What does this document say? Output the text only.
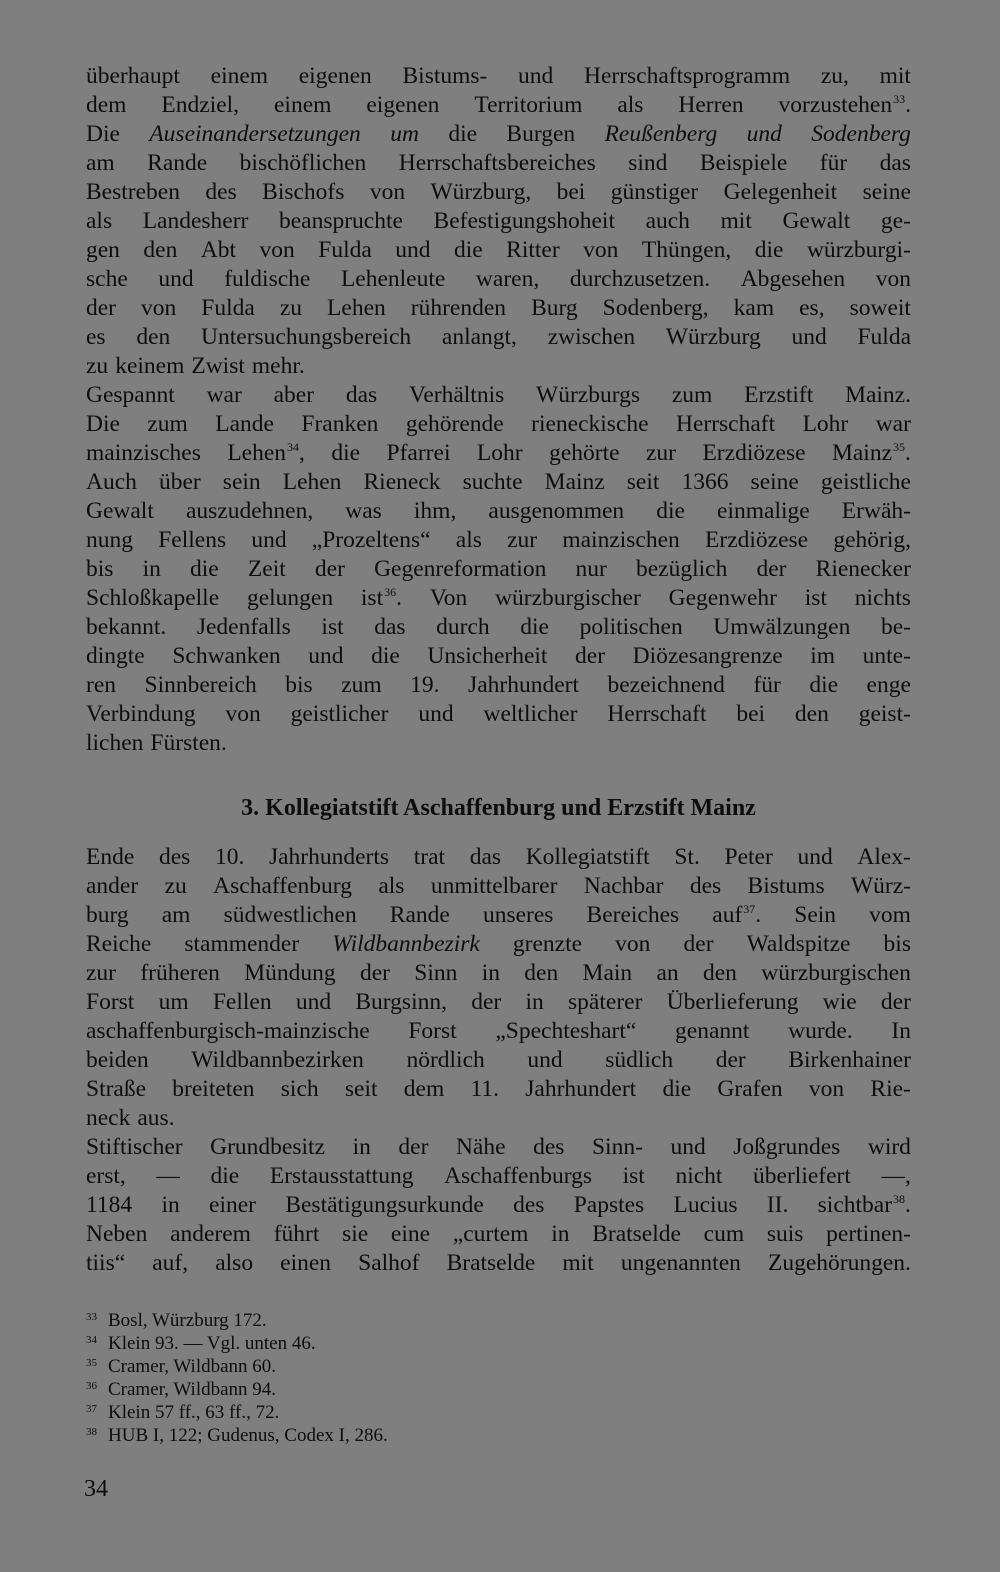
überhaupt einem eigenen Bistums- und Herrschaftsprogramm zu, mit
dem Endziel, einem eigenen Territorium als Herren vorzustehen$^{33}$.
Die Auseinandersetzungen um die Burgen Reußenberg und Sodenberg
am Rande bischöflichen Herrschaftsbereiches sind Beispiele für das
Bestreben des Bischofs von Würzburg, bei günstiger Gelegenheit seine
als Landesherr beanspruchte Befestigungshoheit auch mit Gewalt ge-
gen den Abt von Fulda und die Ritter von Thüngen, die würzburgi-
sche und fuldische Lehenleute waren, durchzusetzen. Abgesehen von
der von Fulda zu Lehen rührenden Burg Sodenberg, kam es, soweit
es den Untersuchungsbereich anlangt, zwischen Würzburg und Fulda
zu keinem Zwist mehr.
Gespannt war aber das Verhältnis Würzburgs zum Erzstift Mainz.
Die zum Lande Franken gehörende rieneckische Herrschaft Lohr war
mainzisches Lehen$^{34}$, die Pfarrei Lohr gehörte zur Erzdiözese Mainz$^{35}$.
Auch über sein Lehen Rieneck suchte Mainz seit 1366 seine geistliche
Gewalt auszudehnen, was ihm, ausgenommen die einmalige Erwäh-
nung Fellens und „Prozeltens“ als zur mainzischen Erzdiözese gehörig,
bis in die Zeit der Gegenreformation nur bezüglich der Rienecker
Schloßkapelle gelungen ist$^{36}$. Von würzburgischer Gegenwehr ist nichts
bekannt. Jedenfalls ist das durch die politischen Umwälzungen be-
dingte Schwanken und die Unsicherheit der Diözesangrenze im unte-
ren Sinnbereich bis zum 19. Jahrhundert bezeichnend für die enge
Verbindung von geistlicher und weltlicher Herrschaft bei den geist-
lichen Fürsten.
3. Kollegiatstift Aschaffenburg und Erzstift Mainz
Ende des 10. Jahrhunderts trat das Kollegiatstift St. Peter und Alex-
ander zu Aschaffenburg als unmittelbarer Nachbar des Bistums Würz-
burg am südwestlichen Rande unseres Bereiches auf$^{37}$. Sein vom
Reiche stammender Wildbannbezirk grenzte von der Waldspitze bis
zur früheren Mündung der Sinn in den Main an den würzburgischen
Forst um Fellen und Burgsinn, der in späterer Überlieferung wie der
aschaffenburgisch-mainzische Forst „Spechteshart“ genannt wurde. In
beiden Wildbannbezirken nördlich und südlich der Birkenhainer
Straße breiteten sich seit dem 11. Jahrhundert die Grafen von Rie-
neck aus.
Stiftischer Grundbesitz in der Nähe des Sinn- und Joßgrundes wird
erst, — die Erstausstattung Aschaffenburgs ist nicht überliefert —,
1184 in einer Bestätigungsurkunde des Papstes Lucius II. sichtbar$^{38}$.
Neben anderem führt sie eine „curtem in Bratselde cum suis pertinen-
tiis“ auf, also einen Salhof Bratselde mit ungenannten Zugehörungen.
33 Bosl, Würzburg 172.
34 Klein 93. — Vgl. unten 46.
35 Cramer, Wildbann 60.
36 Cramer, Wildbann 94.
37 Klein 57 ff., 63 ff., 72.
38 HUB I, 122; Gudenus, Codex I, 286.
34
